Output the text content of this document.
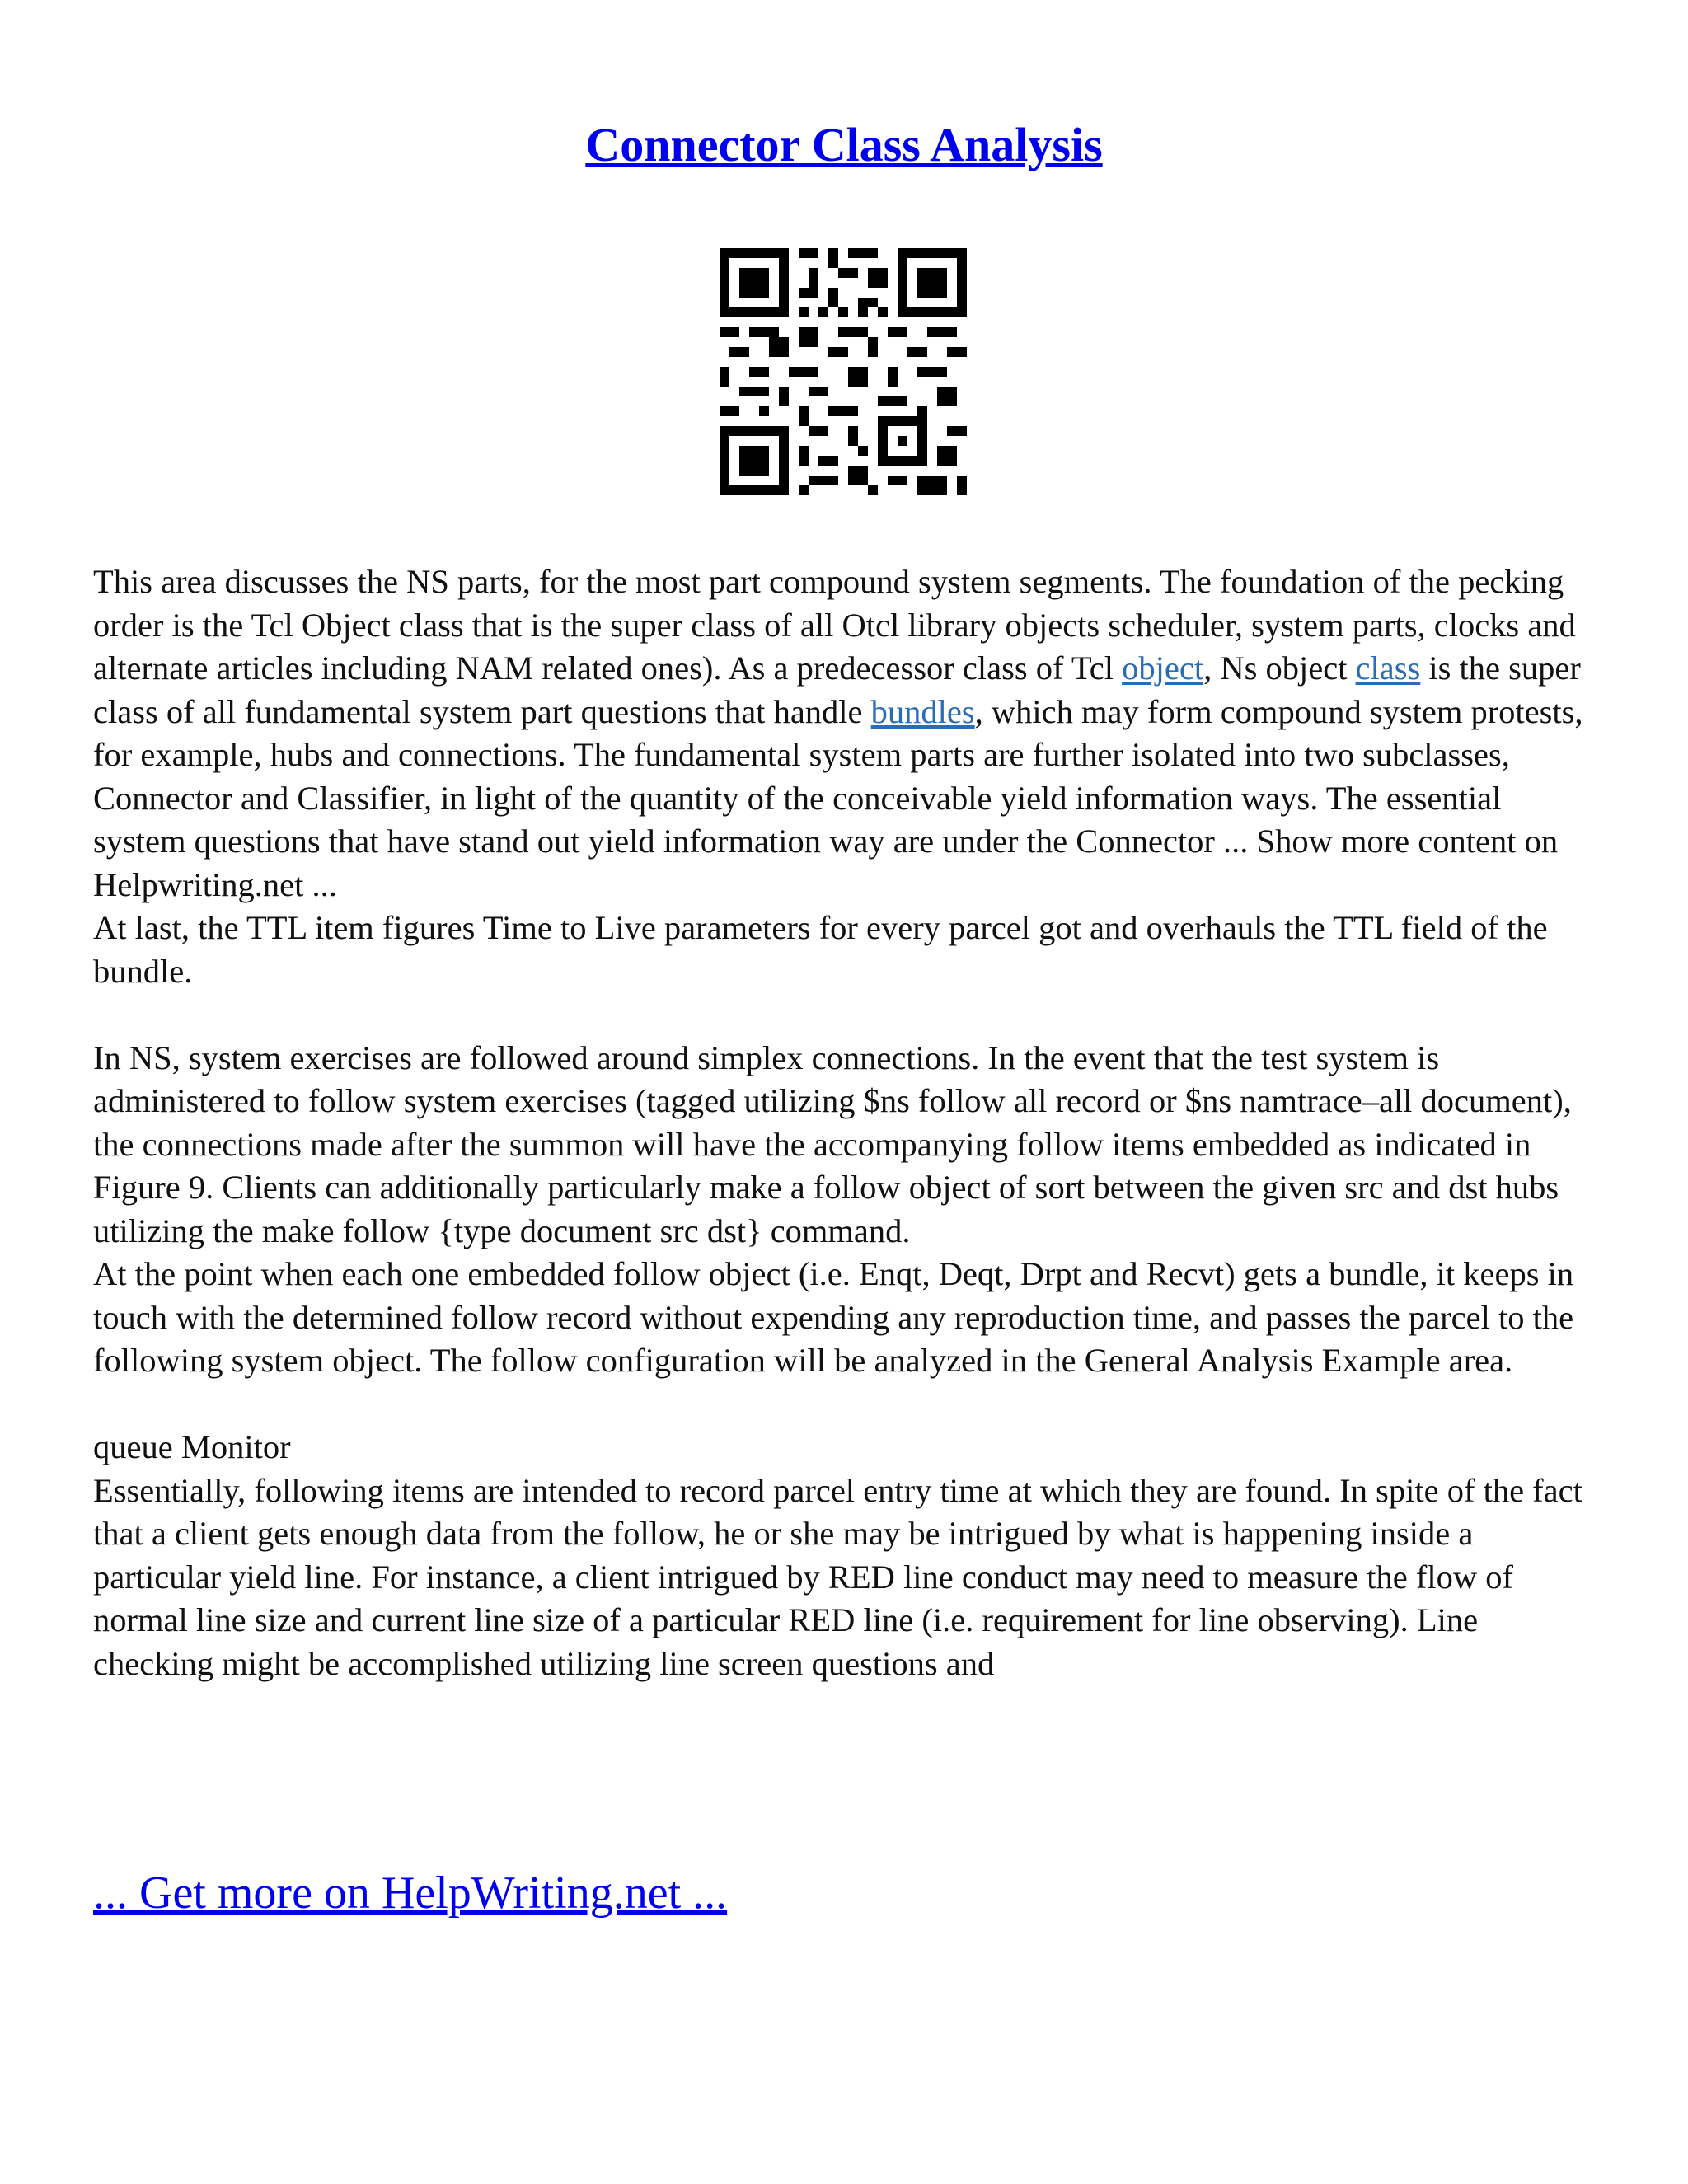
Connector Class Analysis

This area discusses the NS parts, for the most part compound system segments. The foundation of the pecking order is the Tcl Object class that is the super class of all Otcl library objects scheduler, system parts, clocks and alternate articles including NAM related ones). As a predecessor class of Tcl object, Ns object class is the super class of all fundamental system part questions that handle bundles, which may form compound system protests, for example, hubs and connections. The fundamental system parts are further isolated into two subclasses, Connector and Classifier, in light of the quantity of the conceivable yield information ways. The essential system questions that have stand out yield information way are under the Connector ... Show more content on Helpwriting.net ...

At last, the TTL item figures Time to Live parameters for every parcel got and overhauls the TTL field of the bundle.

In NS, system exercises are followed around simplex connections. In the event that the test system is administered to follow system exercises (tagged utilizing $ns follow all record or $ns namtrace–all document), the connections made after the summon will have the accompanying follow items embedded as indicated in Figure 9. Clients can additionally particularly make a follow object of sort between the given src and dst hubs utilizing the make follow {type document src dst} command.

At the point when each one embedded follow object (i.e. Enqt, Deqt, Drpt and Recvt) gets a bundle, it keeps in touch with the determined follow record without expending any reproduction time, and passes the parcel to the following system object. The follow configuration will be analyzed in the General Analysis Example area.

queue Monitor

Essentially, following items are intended to record parcel entry time at which they are found. In spite of the fact that a client gets enough data from the follow, he or she may be intrigued by what is happening inside a particular yield line. For instance, a client intrigued by RED line conduct may need to measure the flow of normal line size and current line size of a particular RED line (i.e. requirement for line observing). Line checking might be accomplished utilizing line screen questions and

... Get more on HelpWriting.net ...
